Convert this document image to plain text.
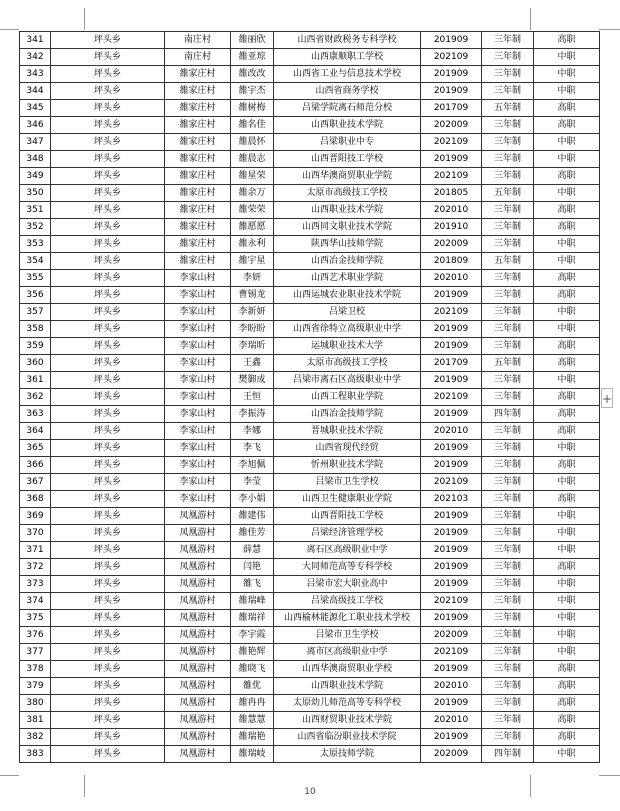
341	坪头乡	南庄村	雒丽欣	山西省财政税务专科学校	201909	三年制	高职
342	坪头乡	南庄村	雒亚琼	山西康顺职工学校	202109	三年制	中职
343	坪头乡	雒家庄村	雒改改	山西省工业与信息技术学校	201909	三年制	中职
344	坪头乡	雒家庄村	雒宇杰	山西省商务学校	201909	三年制	中职
345	坪头乡	雒家庄村	雒树梅	吕梁学院离石师范分校	201709	五年制	高职
346	坪头乡	雒家庄村	雒名佳	山西职业技术学院	202009	三年制	高职
347	坪头乡	雒家庄村	雒晨怀	吕梁职业中专	202109	三年制	中职
348	坪头乡	雒家庄村	雒晨志	山西晋阳技工学校	201909	三年制	中职
349	坪头乡	雒家庄村	雒星荣	山西华澳商贸职业学院	202109	三年制	高职
350	坪头乡	雒家庄村	雒余万	太原市高级技工学校	201805	五年制	中职
351	坪头乡	雒家庄村	雒荣荣	山西职业技术学院	202010	三年制	高职
352	坪头乡	雒家庄村	雒愿愿	山西同文职业技术学院	201910	三年制	高职
353	坪头乡	雒家庄村	雒永利	陕西华山技师学院	202009	三年制	中职
354	坪头乡	雒家庄村	雒宇星	山西冶金技师学院	201809	五年制	中职
355	坪头乡	李家山村	李妍	山西艺术职业学院	202010	三年制	高职
356	坪头乡	李家山村	曹锡龙	山西运城农业职业技术学院	201909	三年制	高职
357	坪头乡	李家山村	李新妍	吕梁卫校	202109	三年制	中职
358	坪头乡	李家山村	李盼盼	山西省徐特立高级职业中学	201909	三年制	中职
359	坪头乡	李家山村	李瑞昕	运城职业技术大学	201909	三年制	高职
360	坪头乡	李家山村	王鑫	太原市高级技工学校	201709	五年制	高职
361	坪头乡	李家山村	樊御成	吕梁市离石区高级职业中学	201909	三年制	中职
362	坪头乡	李家山村	王恒	山西工程职业学院	202109	三年制	高职
363	坪头乡	李家山村	李振涛	山西冶金技师学院	201909	四年制	高职
364	坪头乡	李家山村	李娜	晋城职业技术学院	202010	三年制	高职
365	坪头乡	李家山村	李飞	山西省现代经贸	201909	三年制	中职
366	坪头乡	李家山村	李旭佩	忻州职业技术学院	201909	三年制	高职
367	坪头乡	李家山村	李莹	吕梁市卫生学校	202109	三年制	中职
368	坪头乡	李家山村	李小娟	山西卫生健康职业学院	202103	三年制	高职
369	坪头乡	凤凰游村	雒建伟	山西晋阳技工学校	201909	三年制	中职
370	坪头乡	凤凰游村	雒佳芳	吕梁经济管理学校	201909	三年制	中职
371	坪头乡	凤凰游村	薛慧	离石区高级职业中学	201909	三年制	中职
372	坪头乡	凤凰游村	闫艳	大同师范高等专科学校	201909	三年制	高职
373	坪头乡	凤凰游村	雒飞	吕梁市宏大职业高中	201909	三年制	中职
374	坪头乡	凤凰游村	雒瑞峰	吕梁高级技工学校	202109	三年制	中职
375	坪头乡	凤凰游村	雒瑞祥	山西榆林能源化工职业技术学校	201909	三年制	中职
376	坪头乡	凤凰游村	李宇霞	吕梁市卫生学校	202009	三年制	中职
377	坪头乡	凤凰游村	雒艳辉	离市区高级职业中学	202109	三年制	中职
378	坪头乡	凤凰游村	雒晓飞	山西华澳商贸职业学校	201909	三年制	高职
379	坪头乡	凤凰游村	雒优	山西职业技术学院	202010	三年制	高职
380	坪头乡	凤凰游村	雒冉冉	太原幼儿师范高等专科学校	201909	三年制	高职
381	坪头乡	凤凰游村	雒慧慧	山西财贸职业技术学院	202010	三年制	高职
382	坪头乡	凤凰游村	雒瑞艳	山西省临汾职业技术学院	201909	三年制	高职
383	坪头乡	凤凰游村	雒瑞岐	太原技师学院	202009	四年制	中职
+
10
